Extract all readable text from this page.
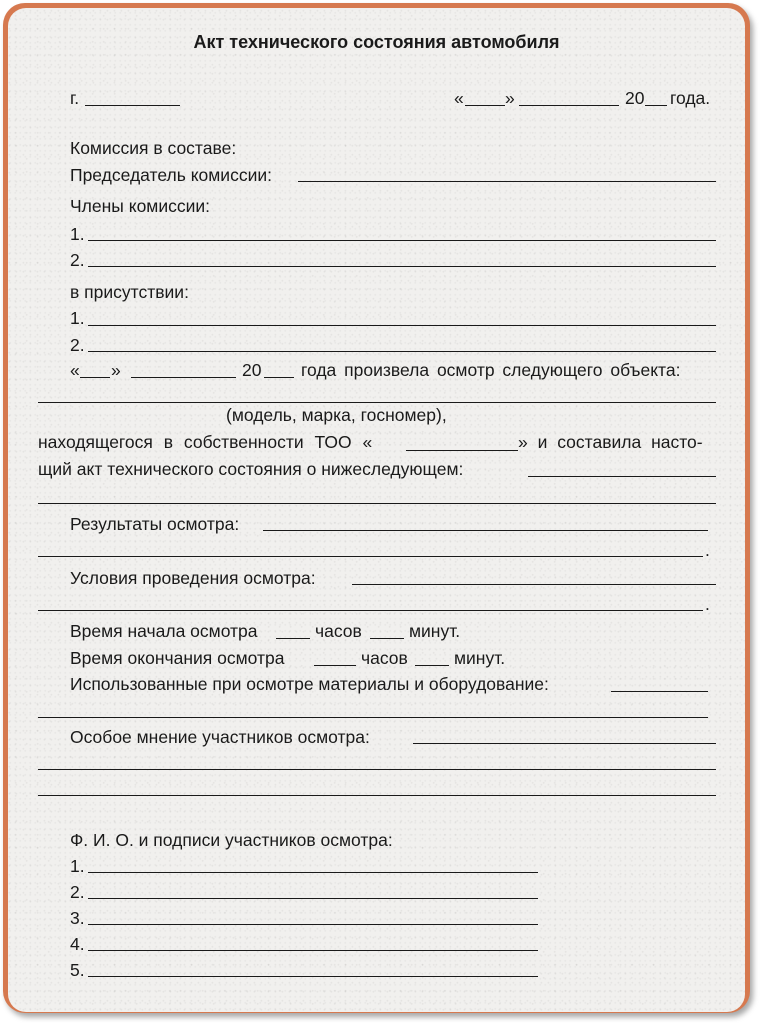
Акт технического состояния автомобиля
г.	« »	20 года.
Комиссия в составе:
Председатель комиссии:
Члены комиссии:
1.
2.
в присутствии:
1.
2.
« »	20 года произвела осмотр следующего объекта:
(модель, марка, госномер),
находящегося в собственности ТОО «	» и составила насто-
щий акт технического состояния о нижеследующем:
Результаты осмотра:
.
Условия проведения осмотра:
.
Время начала осмотра	часов	минут.
Время окончания осмотра	часов	минут.
Использованные при осмотре материалы и оборудование:
Особое мнение участников осмотра:
Ф. И. О. и подписи участников осмотра:
1.
2.
3.
4.
5.
